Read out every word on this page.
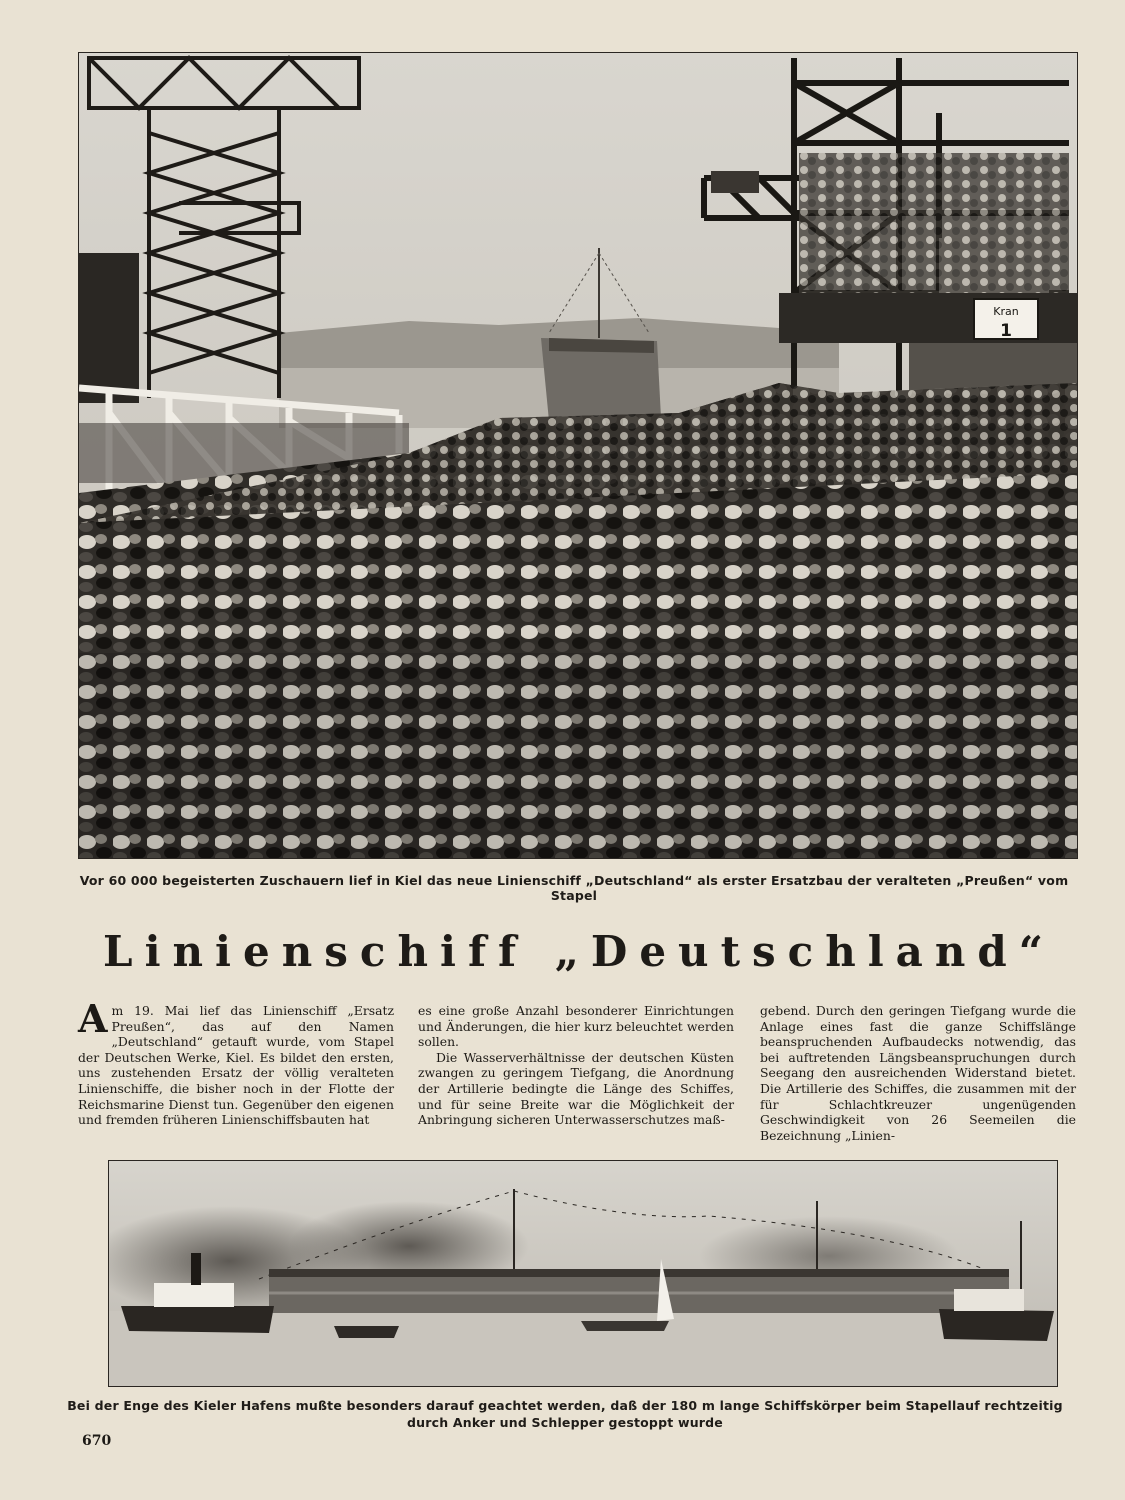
Kran
1
Vor 60 000 begeisterten Zuschauern lief in Kiel das neue Linienschiff „Deutschland“ als erster Ersatzbau der veralteten „Preußen“ vom Stapel
Linienschiff „Deutschland“
Am 19. Mai lief das Linienschiff „Ersatz Preußen“, das auf den Namen „Deutschland“ getauft wurde, vom Stapel der Deutschen Werke, Kiel. Es bildet den ersten, uns zustehenden Ersatz der völlig veralteten Linienschiffe, die bisher noch in der Flotte der Reichsmarine Dienst tun. Gegenüber den eigenen und fremden früheren Linienschiffsbauten hat

es eine große Anzahl besonderer Einrichtungen und Änderungen, die hier kurz beleuchtet werden sollen.

Die Wasserverhältnisse der deutschen Küsten zwangen zu geringem Tiefgang, die Anordnung der Artillerie bedingte die Länge des Schiffes, und für seine Breite war die Möglichkeit der Anbringung sicheren Unterwasserschutzes maß-

gebend. Durch den geringen Tiefgang wurde die Anlage eines fast die ganze Schiffslänge beanspruchenden Aufbaudecks notwendig, das bei auftretenden Längsbeanspruchungen durch Seegang den ausreichenden Widerstand bietet. Die Artillerie des Schiffes, die zusammen mit der für Schlachtkreuzer ungenügenden Geschwindigkeit von 26 Seemeilen die Bezeichnung „Linien-
Bei der Enge des Kieler Hafens mußte besonders darauf geachtet werden, daß der 180 m lange Schiffskörper beim Stapellauf rechtzeitig durch Anker und Schlepper gestoppt wurde
670
